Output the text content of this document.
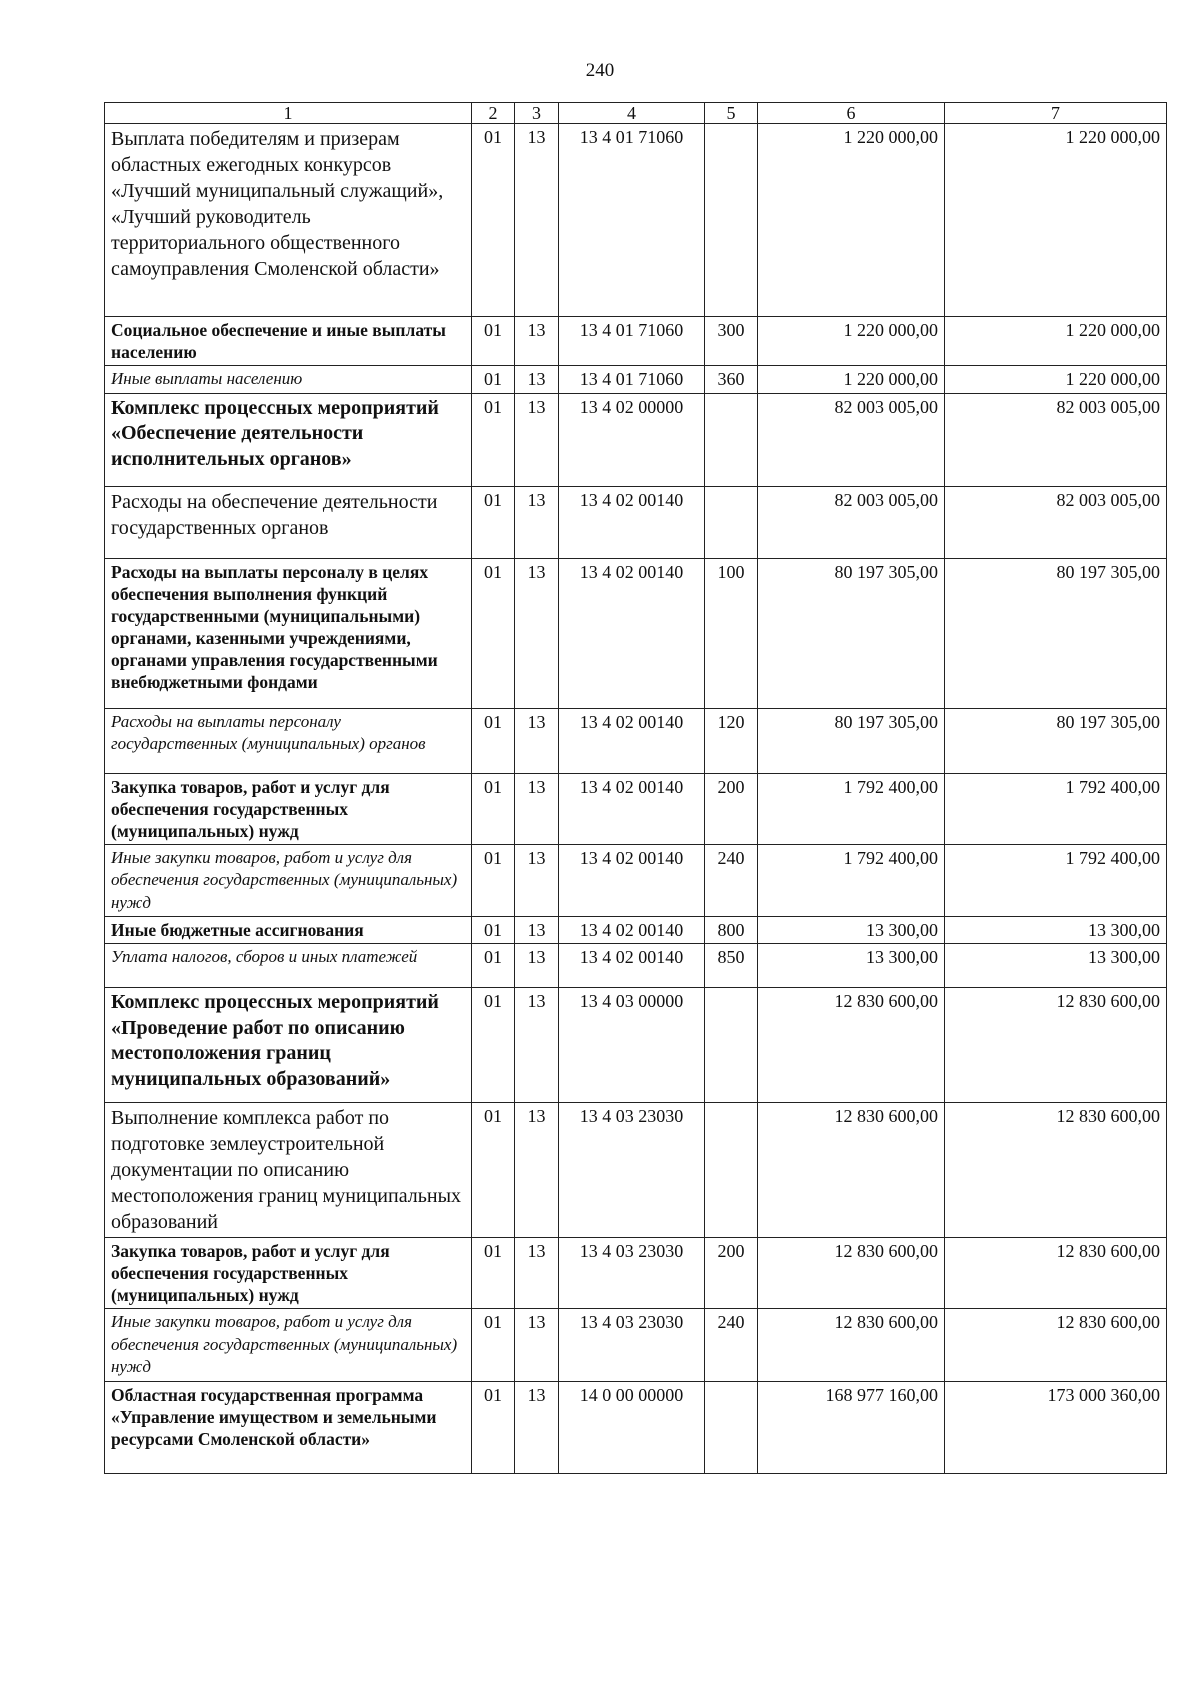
240
1	2	3	4	5	6	7
Выплата победителям и призерам областных ежегодных конкурсов «Лучший муниципальный служащий», «Лучший руководитель территориального общественного самоуправления Смоленской области»	01	13	13 4 01 71060		1 220 000,00	1 220 000,00
Социальное обеспечение и иные выплаты населению	01	13	13 4 01 71060	300	1 220 000,00	1 220 000,00
Иные выплаты населению	01	13	13 4 01 71060	360	1 220 000,00	1 220 000,00
Комплекс процессных мероприятий «Обеспечение деятельности исполнительных органов»	01	13	13 4 02 00000		82 003 005,00	82 003 005,00
Расходы на обеспечение деятельности государственных органов	01	13	13 4 02 00140		82 003 005,00	82 003 005,00
Расходы на выплаты персоналу в целях обеспечения выполнения функций государственными (муниципальными) органами, казенными учреждениями, органами управления государственными внебюджетными фондами	01	13	13 4 02 00140	100	80 197 305,00	80 197 305,00
Расходы на выплаты персоналу государственных (муниципальных) органов	01	13	13 4 02 00140	120	80 197 305,00	80 197 305,00
Закупка товаров, работ и услуг для обеспечения государственных (муниципальных) нужд	01	13	13 4 02 00140	200	1 792 400,00	1 792 400,00
Иные закупки товаров, работ и услуг для обеспечения государственных (муниципальных) нужд	01	13	13 4 02 00140	240	1 792 400,00	1 792 400,00
Иные бюджетные ассигнования	01	13	13 4 02 00140	800	13 300,00	13 300,00
Уплата налогов, сборов и иных платежей	01	13	13 4 02 00140	850	13 300,00	13 300,00
Комплекс процессных мероприятий «Проведение работ по описанию местоположения границ муниципальных образований»	01	13	13 4 03 00000		12 830 600,00	12 830 600,00
Выполнение комплекса работ по подготовке землеустроительной документации по описанию местоположения границ муниципальных образований	01	13	13 4 03 23030		12 830 600,00	12 830 600,00
Закупка товаров, работ и услуг для обеспечения государственных (муниципальных) нужд	01	13	13 4 03 23030	200	12 830 600,00	12 830 600,00
Иные закупки товаров, работ и услуг для обеспечения государственных (муниципальных) нужд	01	13	13 4 03 23030	240	12 830 600,00	12 830 600,00
Областная государственная программа «Управление имуществом и земельными ресурсами Смоленской области»	01	13	14 0 00 00000		168 977 160,00	173 000 360,00
